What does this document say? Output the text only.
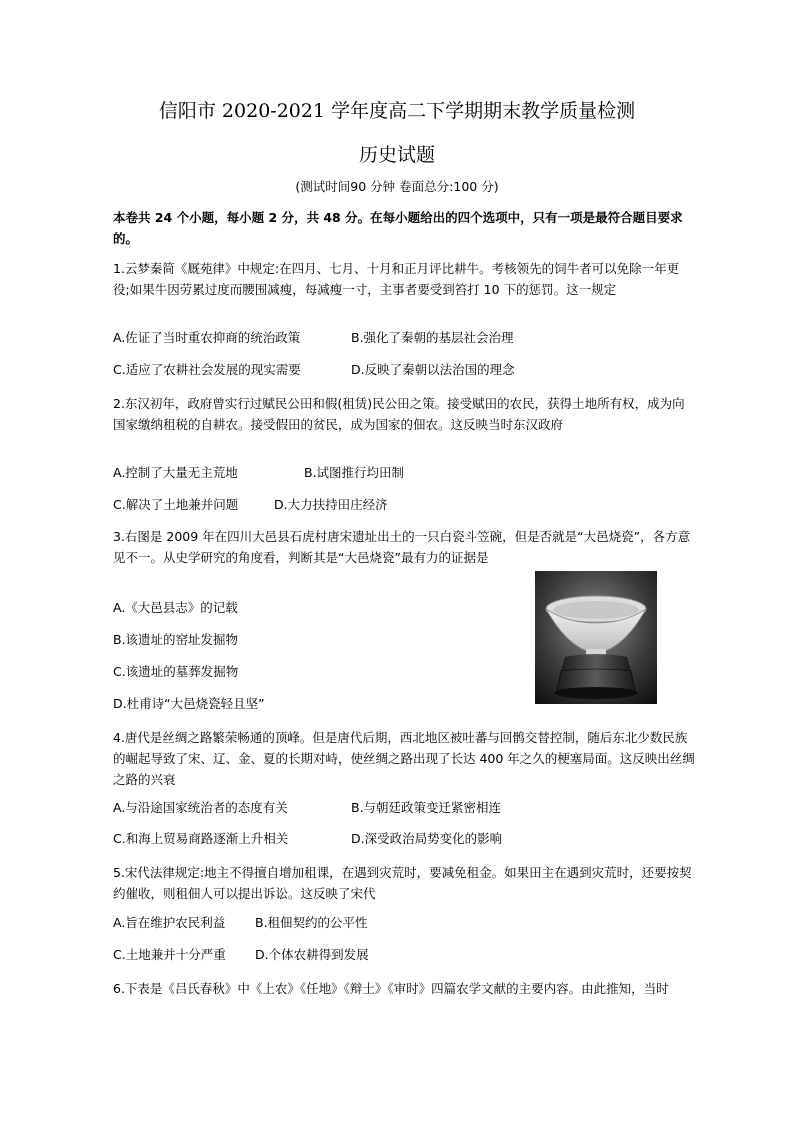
信阳市 2020-2021 学年度高二下学期期末教学质量检测
历史试题
(测试时间90 分钟 卷面总分:100 分)
本卷共 24 个小题，每小题 2 分，共 48 分。在每小题给出的四个选项中，只有一项是最符合题目要求的。
1.云梦秦简《厩苑律》中规定:在四月、七月、十月和正月评比耕牛。考核领先的饲牛者可以免除一年更役;如果牛因劳累过度而腰围减瘦，每减瘦一寸，主事者要受到笞打 10 下的惩罚。这一规定
A.佐证了当时重农抑商的统治政策	B.强化了秦朝的基层社会治理
C.适应了农耕社会发展的现实需要	D.反映了秦朝以法治国的理念
2.东汉初年，政府曾实行过赋民公田和假(租赁)民公田之策。接受赋田的农民，获得土地所有权，成为向国家缴纳租税的自耕农。接受假田的贫民，成为国家的佃农。这反映当时东汉政府
A.控制了大量无主荒地	B.试图推行均田制
C.解决了土地兼并问题	D.大力扶持田庄经济
3.右图是 2009 年在四川大邑县石虎村唐宋遗址出土的一只白瓷斗笠碗，但是否就是“大邑烧瓷”，各方意见不一。从史学研究的角度看，判断其是“大邑烧瓷”最有力的证据是
A.《大邑县志》的记载
B.该遗址的窑址发掘物
C.该遗址的墓葬发掘物
D.杜甫诗“大邑烧瓷轻且坚”
4.唐代是丝绸之路繁荣畅通的顶峰。但是唐代后期，西北地区被吐蕃与回鹘交替控制，随后东北少数民族的崛起导致了宋、辽、金、夏的长期对峙，使丝绸之路出现了长达 400 年之久的梗塞局面。这反映出丝绸之路的兴衰
A.与沿途国家统治者的态度有关	B.与朝廷政策变迁紧密相连
C.和海上贸易商路逐渐上升相关	D.深受政治局势变化的影响
5.宋代法律规定:地主不得擅自增加租课，在遇到灾荒时，要减免租金。如果田主在遇到灾荒时，还要按契约催收，则租佃人可以提出诉讼。这反映了宋代
A.旨在维护农民利益 B.租佃契约的公平性
C.土地兼并十分严重 D.个体农耕得到发展
6.下表是《吕氏春秋》中《上农》《任地》《辩土》《审时》四篇农学文献的主要内容。由此推知，当时
